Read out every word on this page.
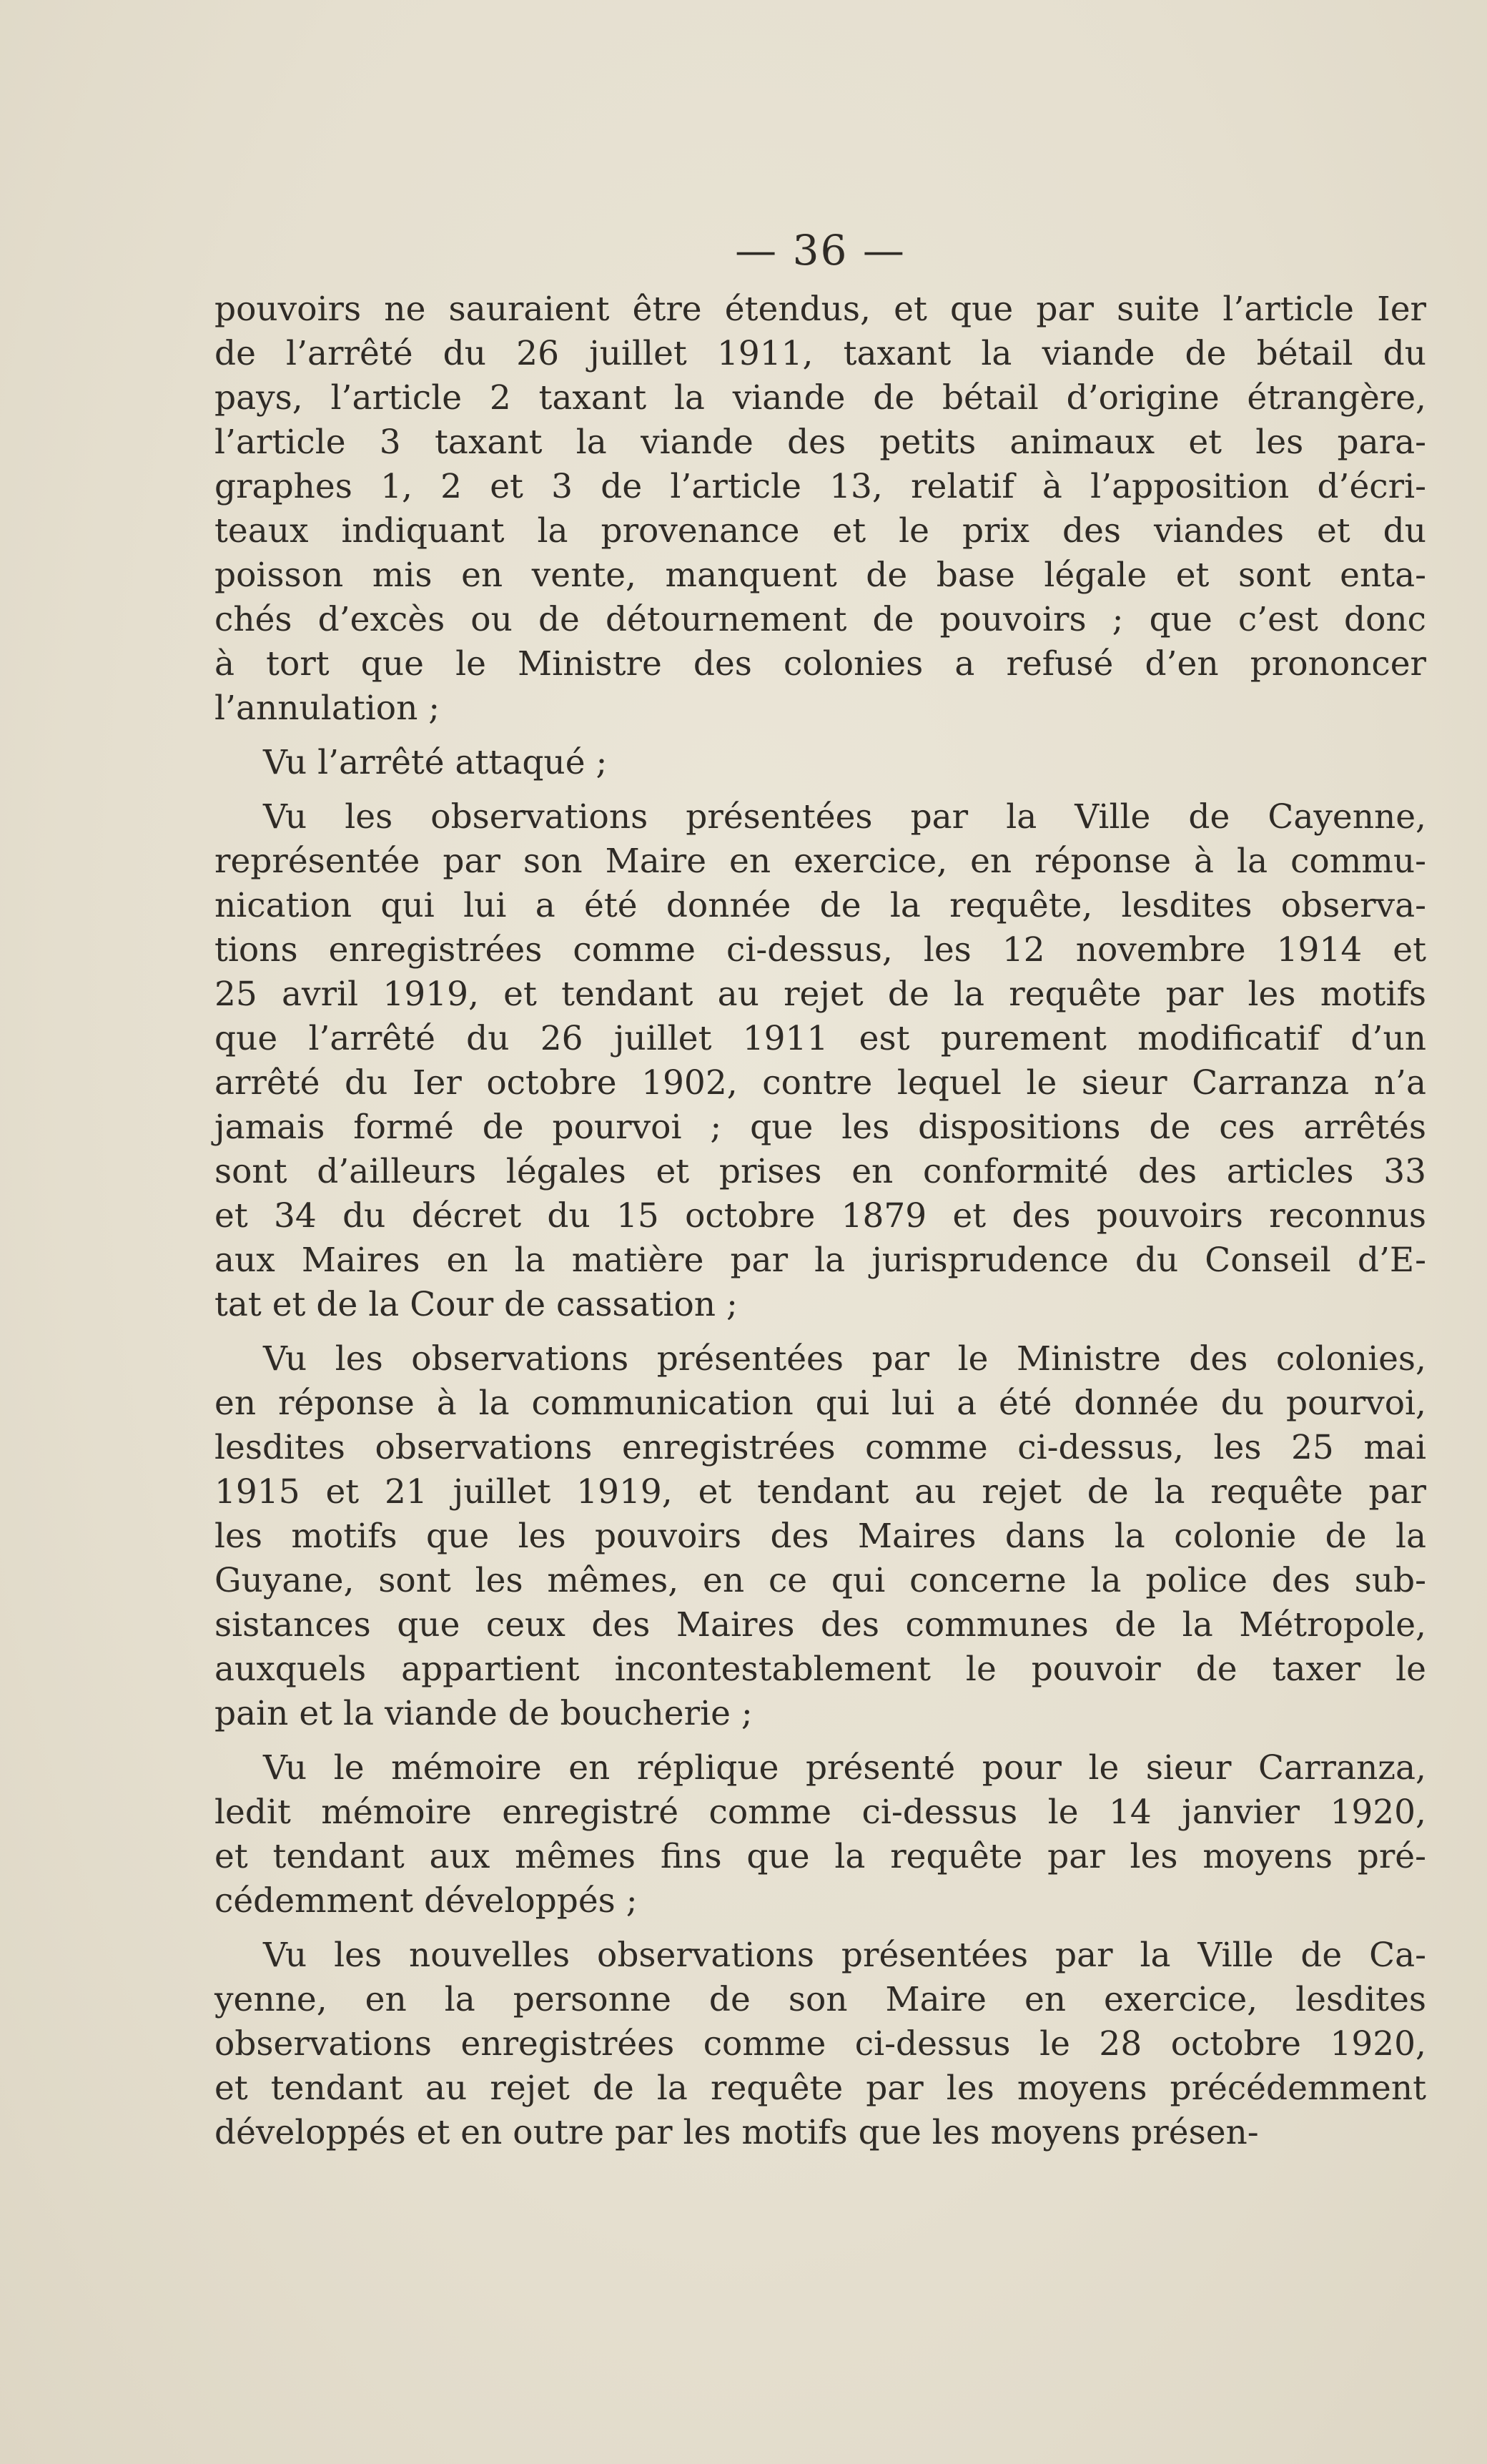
— 36 —
pouvoirs ne sauraient être étendus, et que par suite l’article Ier
de l’arrêté du 26 juillet 1911, taxant la viande de bétail du
pays, l’article 2 taxant la viande de bétail d’origine étrangère,
l’article 3 taxant la viande des petits animaux et les para-
graphes 1, 2 et 3 de l’article 13, relatif à l’apposition d’écri-
teaux indiquant la provenance et le prix des viandes et du
poisson mis en vente, manquent de base légale et sont enta-
chés d’excès ou de détournement de pouvoirs ; que c’est donc
à tort que le Ministre des colonies a refusé d’en prononcer
l’annulation ;
Vu l’arrêté attaqué ;
Vu les observations présentées par la Ville de Cayenne,
représentée par son Maire en exercice, en réponse à la commu-
nication qui lui a été donnée de la requête, lesdites observa-
tions enregistrées comme ci-dessus, les 12 novembre 1914 et
25 avril 1919, et tendant au rejet de la requête par les motifs
que l’arrêté du 26 juillet 1911 est purement modificatif d’un
arrêté du Ier octobre 1902, contre lequel le sieur Carranza n’a
jamais formé de pourvoi ; que les dispositions de ces arrêtés
sont d’ailleurs légales et prises en conformité des articles 33
et 34 du décret du 15 octobre 1879 et des pouvoirs reconnus
aux Maires en la matière par la jurisprudence du Conseil d’E-
tat et de la Cour de cassation ;
Vu les observations présentées par le Ministre des colonies,
en réponse à la communication qui lui a été donnée du pourvoi,
lesdites observations enregistrées comme ci-dessus, les 25 mai
1915 et 21 juillet 1919, et tendant au rejet de la requête par
les motifs que les pouvoirs des Maires dans la colonie de la
Guyane, sont les mêmes, en ce qui concerne la police des sub-
sistances que ceux des Maires des communes de la Métropole,
auxquels appartient incontestablement le pouvoir de taxer le
pain et la viande de boucherie ;
Vu le mémoire en réplique présenté pour le sieur Carranza,
ledit mémoire enregistré comme ci-dessus le 14 janvier 1920,
et tendant aux mêmes fins que la requête par les moyens pré-
cédemment développés ;
Vu les nouvelles observations présentées par la Ville de Ca-
yenne, en la personne de son Maire en exercice, lesdites
observations enregistrées comme ci-dessus le 28 octobre 1920,
et tendant au rejet de la requête par les moyens précédemment
développés et en outre par les motifs que les moyens présen-
